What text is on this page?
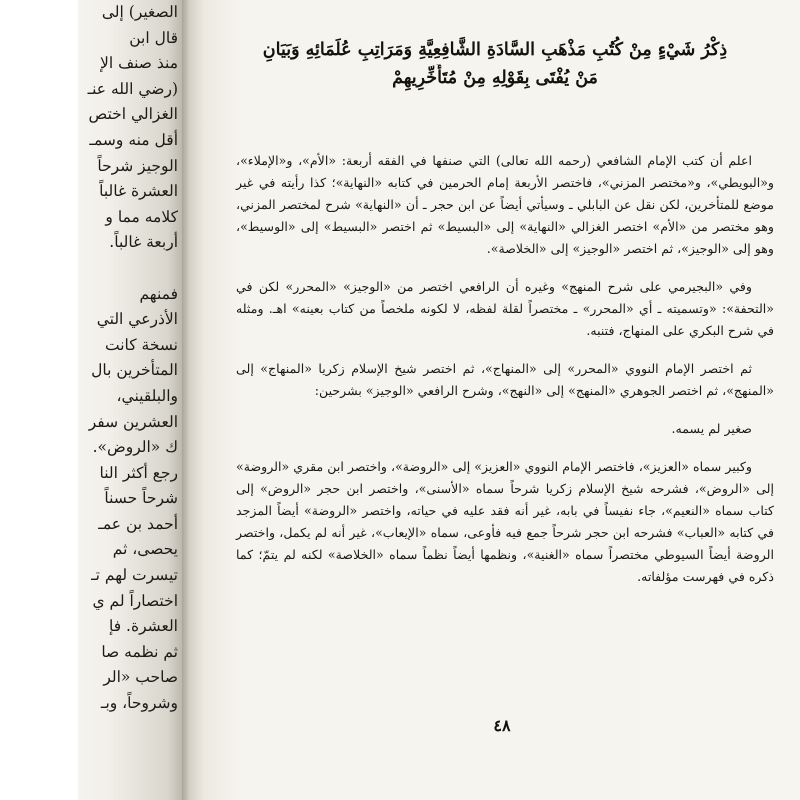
الصغير) إلى
قال ابن
منذ صنف الإ
(رضي الله عنـ
الغزالي اختص
أقل منه وسمـ
الوجيز شرحاً
العشرة غالباً
كلامه مما و
أربعة غالباً.
فمنهم
الأذرعي التي
نسخة كانت
المتأخرين بال
والبلقيني،
العشرين سفر
ك «الروض».
رجع أكثر النا
شرحاً حسناً
أحمد بن عمـ
يحصى، ثم
تيسرت لهم تـ
اختصاراً لم ي
العشرة. فإ
ثم نظمه صا
صاحب «الر
وشروحاً، وبـ
ذِكْرُ شَيْءٍ مِنْ كُتُبِ مَذْهَبِ السَّادَةِ الشَّافِعِيَّةِ وَمَرَاتِبِ عُلَمَائِهِ وَبَيَانِ
مَنْ يُفْتَى بِقَوْلِهِ مِنْ مُتَأَخِّرِيهِمْ

اعلم أن كتب الإمام الشافعي (رحمه الله تعالى) التي صنفها في الفقه أربعة: «الأم»، و«الإملاء»، و«البويطي»، و«مختصر المزني»، فاختصر الأربعة إمام الحرمين في كتابه «النهاية»؛ كذا رأيته في غير موضع للمتأخرين، لكن نقل عن البابلي ـ وسيأتي أيضاً عن ابن حجر ـ أن «النهاية» شرح لمختصر المزني، وهو مختصر من «الأم» اختصر الغزالي «النهاية» إلى «البسيط» ثم اختصر «البسيط» إلى «الوسيط»، وهو إلى «الوجيز»، ثم اختصر «الوجيز» إلى «الخلاصة».

وفي «البجيرمي على شرح المنهج» وغيره أن الرافعي اختصر من «الوجيز» «المحرر» لكن في «التحفة»: «وتسميته ـ أي «المحرر» ـ مختصراً لقلة لفظه، لا لكونه ملخصاً من كتاب بعينه» اهـ. ومثله في شرح البكري على المنهاج، فتنبه.

ثم اختصر الإمام النووي «المحرر» إلى «المنهاج»، ثم اختصر شيخ الإسلام زكريا «المنهاج» إلى «المنهج»، ثم اختصر الجوهري «المنهج» إلى «النهج»، وشرح الرافعي «الوجيز» بشرحين:

صغير لم يسمه.

وكبير سماه «العزيز»، فاختصر الإمام النووي «العزيز» إلى «الروضة»، واختصر ابن مقري «الروضة» إلى «الروض»، فشرحه شيخ الإسلام زكريا شرحاً سماه «الأسنى»، واختصر ابن حجر «الروض» إلى كتاب سماه «النعيم»، جاء نفيساً في بابه، غير أنه فقد عليه في حياته، واختصر «الروضة» أيضاً المزجد في كتابه «العباب» فشرحه ابن حجر شرحاً جمع فيه فأوعى، سماه «الإيعاب»، غير أنه لم يكمل، واختصر الروضة أيضاً السيوطي مختصراً سماه «الغنية»، ونظمها أيضاً نظماً سماه «الخلاصة» لكنه لم يتمّ؛ كما ذكره في فهرست مؤلفاته.

٤٨
